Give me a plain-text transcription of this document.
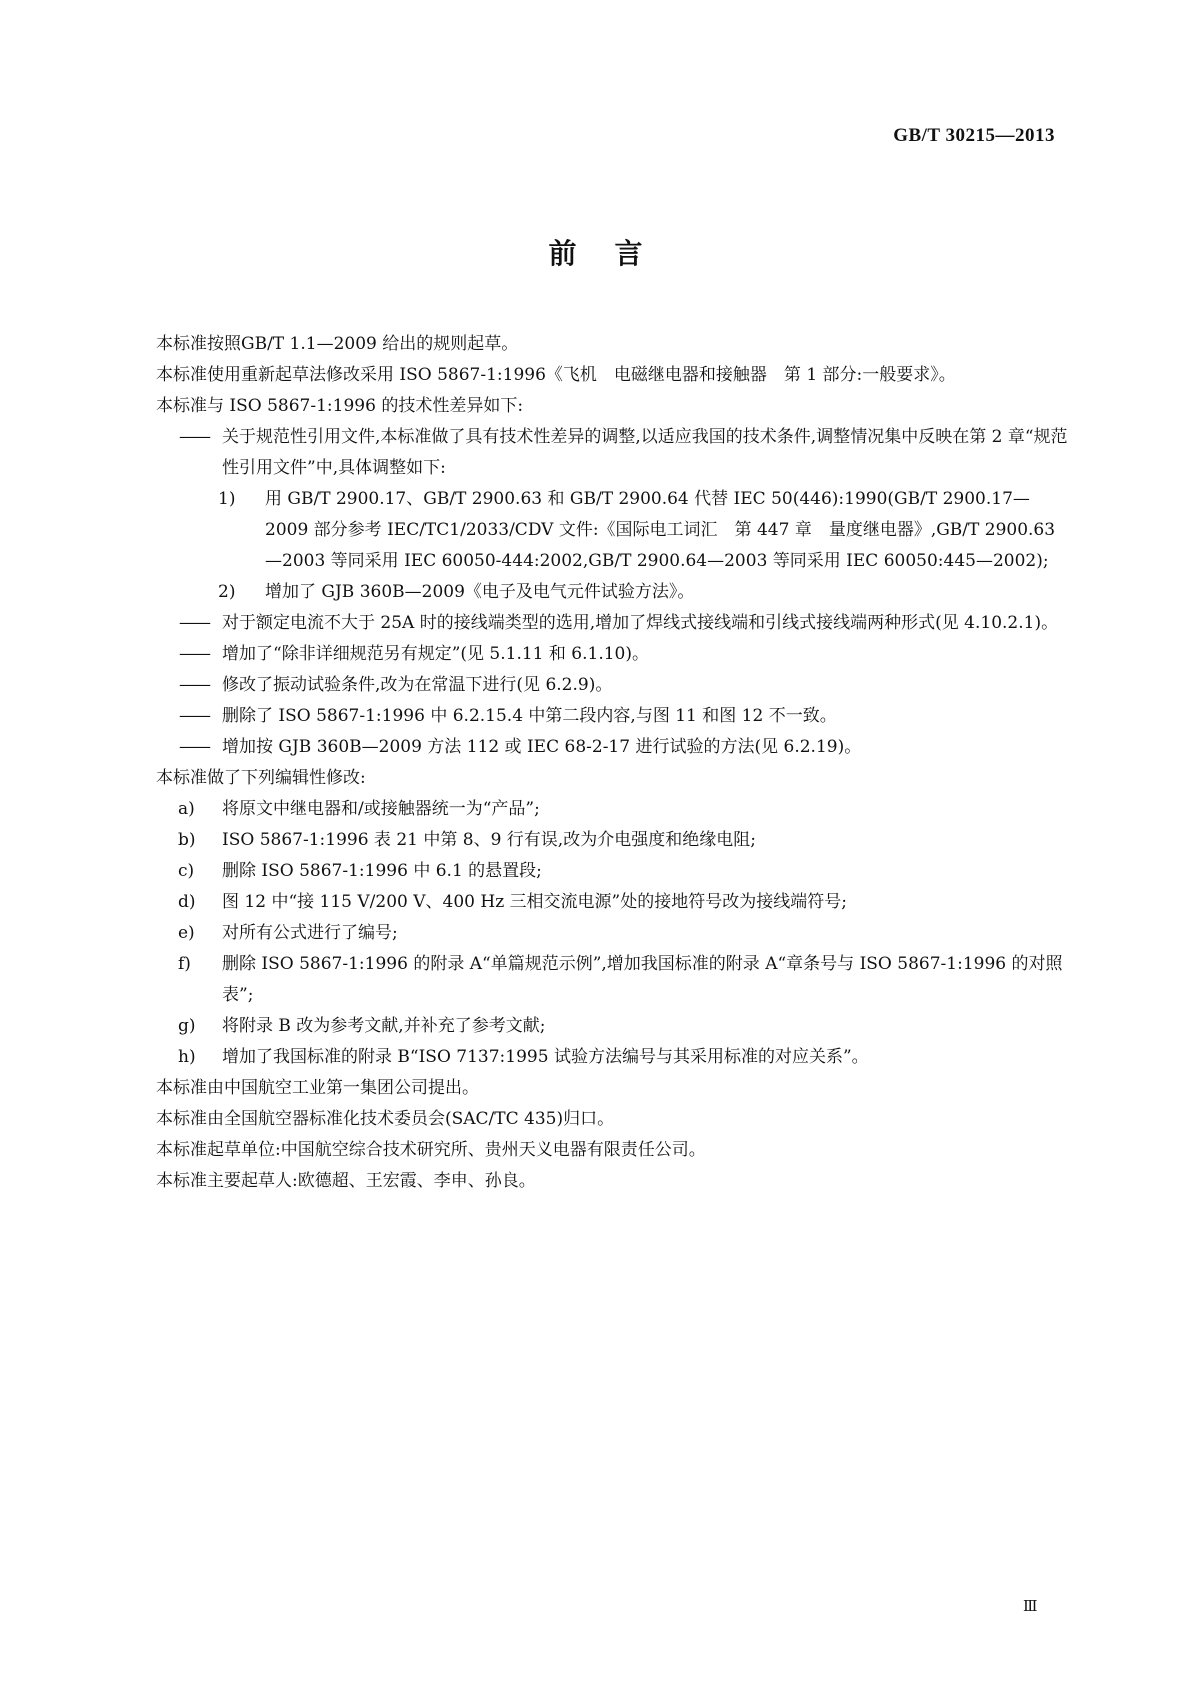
GB/T 30215—2013
前言

本标准按照GB/T 1.1—2009 给出的规则起草。

本标准使用重新起草法修改采用 ISO 5867-1:1996《飞机　电磁继电器和接触器　第 1 部分:一般要求》。

本标准与 ISO 5867-1:1996 的技术性差异如下:

—— 关于规范性引用文件,本标准做了具有技术性差异的调整,以适应我国的技术条件,调整情况集中反映在第 2 章“规范性引用文件”中,具体调整如下:
1)	用 GB/T 2900.17、GB/T 2900.63 和 GB/T 2900.64 代替 IEC 50(446):1990(GB/T 2900.17—2009 部分参考 IEC/TC1/2033/CDV 文件:《国际电工词汇　第 447 章　量度继电器》,GB/T 2900.63—2003 等同采用 IEC 60050-444:2002,GB/T 2900.64—2003 等同采用 IEC 60050:445—2002);
2)	增加了 GJB 360B—2009《电子及电气元件试验方法》。
—— 对于额定电流不大于 25A 时的接线端类型的选用,增加了焊线式接线端和引线式接线端两种形式(见 4.10.2.1)。
—— 增加了“除非详细规范另有规定”(见 5.1.11 和 6.1.10)。
—— 修改了振动试验条件,改为在常温下进行(见 6.2.9)。
—— 删除了 ISO 5867-1:1996 中 6.2.15.4 中第二段内容,与图 11 和图 12 不一致。
—— 增加按 GJB 360B—2009 方法 112 或 IEC 68-2-17 进行试验的方法(见 6.2.19)。

本标准做了下列编辑性修改:

a)	将原文中继电器和/或接触器统一为“产品”;
b)	ISO 5867-1:1996 表 21 中第 8、9 行有误,改为介电强度和绝缘电阻;
c)	删除 ISO 5867-1:1996 中 6.1 的悬置段;
d)	图 12 中“接 115 V/200 V、400 Hz 三相交流电源”处的接地符号改为接线端符号;
e)	对所有公式进行了编号;
f)	删除 ISO 5867-1:1996 的附录 A“单篇规范示例”,增加我国标准的附录 A“章条号与 ISO 5867-1:1996 的对照表”;
g)	将附录 B 改为参考文献,并补充了参考文献;
h)	增加了我国标准的附录 B“ISO 7137:1995 试验方法编号与其采用标准的对应关系”。

本标准由中国航空工业第一集团公司提出。

本标准由全国航空器标准化技术委员会(SAC/TC 435)归口。

本标准起草单位:中国航空综合技术研究所、贵州天义电器有限责任公司。

本标准主要起草人:欧德超、王宏霞、李申、孙良。

Ⅲ
